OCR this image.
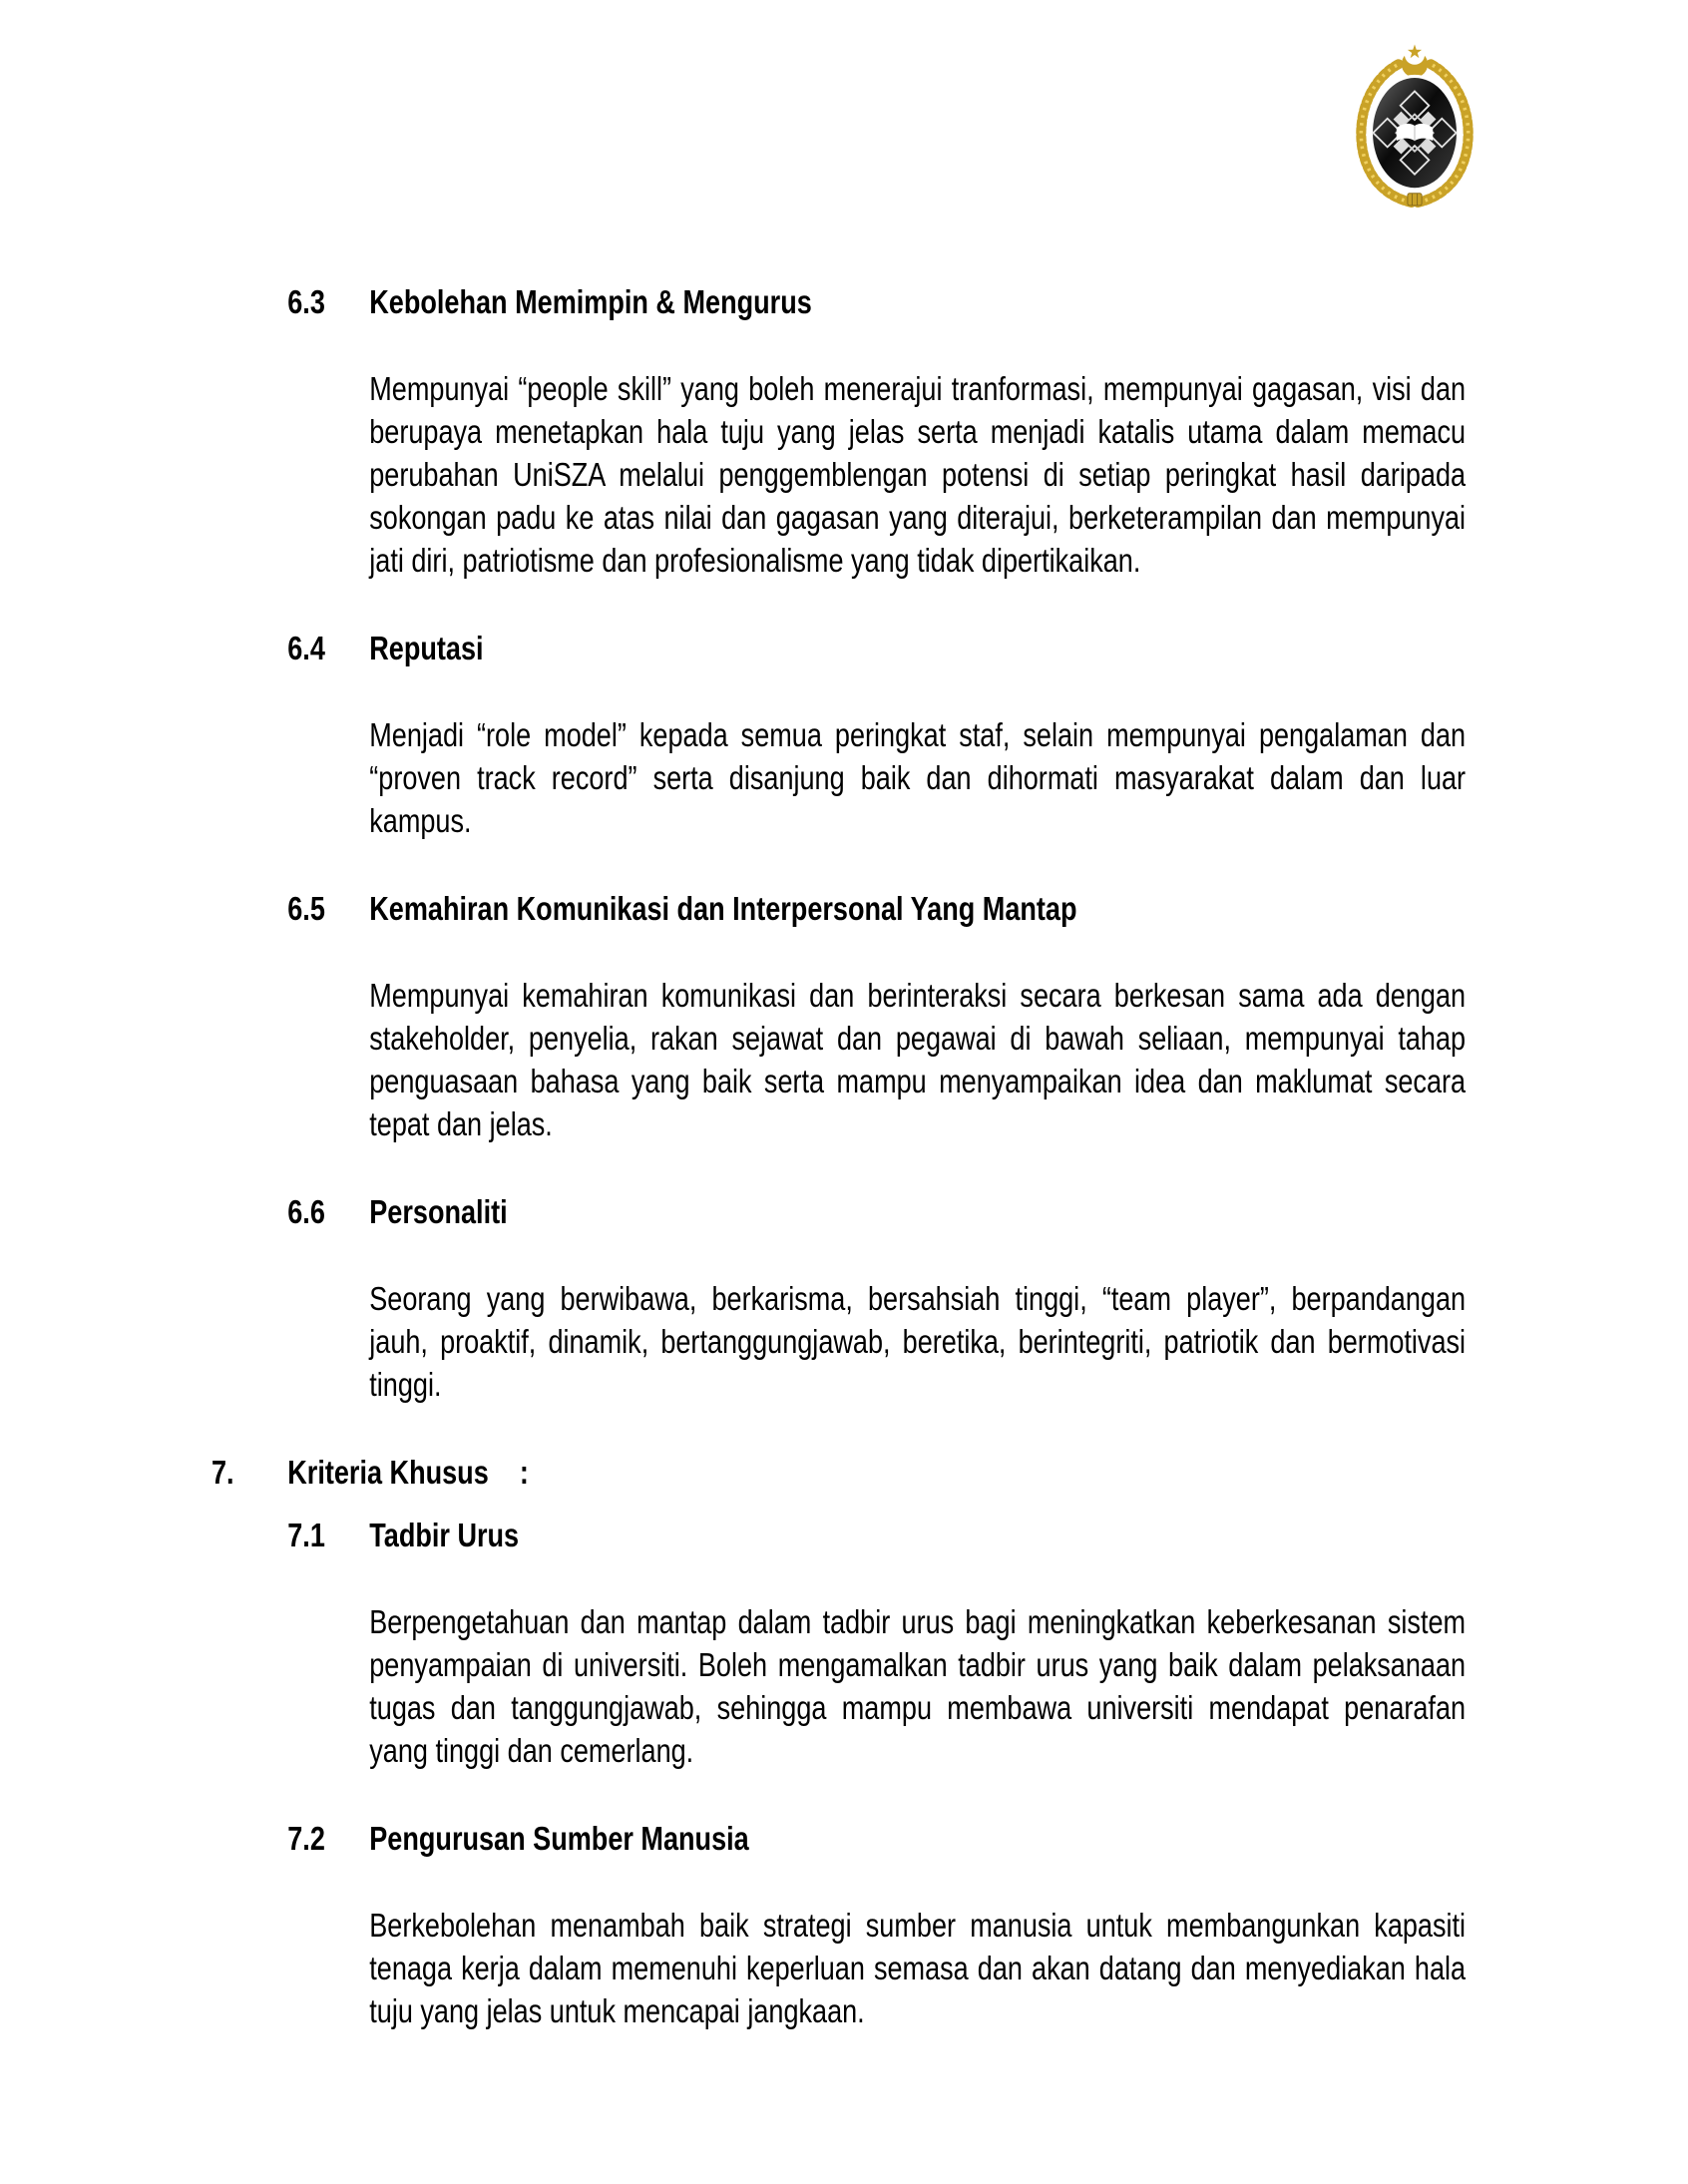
6.3	Kebolehan Memimpin & Mengurus

Mempunyai “people skill” yang boleh menerajui tranformasi, mempunyai gagasan, visi dan berupaya menetapkan hala tuju yang jelas serta menjadi katalis utama dalam memacu perubahan UniSZA melalui penggemblengan potensi di setiap peringkat hasil daripada sokongan padu ke atas nilai dan gagasan yang diterajui, berketerampilan dan mempunyai jati diri, patriotisme dan profesionalisme yang tidak dipertikaikan.

6.4	Reputasi

Menjadi “role model” kepada semua peringkat staf, selain mempunyai pengalaman dan “proven track record” serta disanjung baik dan dihormati masyarakat dalam dan luar kampus.

6.5	Kemahiran Komunikasi dan Interpersonal Yang Mantap

Mempunyai kemahiran komunikasi dan berinteraksi secara berkesan sama ada dengan stakeholder, penyelia, rakan sejawat dan pegawai di bawah seliaan, mempunyai tahap penguasaan bahasa yang baik serta mampu menyampaikan idea dan maklumat secara tepat dan jelas.

6.6	Personaliti

Seorang yang berwibawa, berkarisma, bersahsiah tinggi, “team player”, berpandangan jauh, proaktif, dinamik, bertanggungjawab, beretika, berintegriti, patriotik dan bermotivasi tinggi.

7.	Kriteria Khusus :
7.1	Tadbir Urus

Berpengetahuan dan mantap dalam tadbir urus bagi meningkatkan keberkesanan sistem penyampaian di universiti. Boleh mengamalkan tadbir urus yang baik dalam pelaksanaan tugas dan tanggungjawab, sehingga mampu membawa universiti mendapat penarafan yang tinggi dan cemerlang.

7.2	Pengurusan Sumber Manusia

Berkebolehan menambah baik strategi sumber manusia untuk membangunkan kapasiti tenaga kerja dalam memenuhi keperluan semasa dan akan datang dan menyediakan hala tuju yang jelas untuk mencapai jangkaan.
